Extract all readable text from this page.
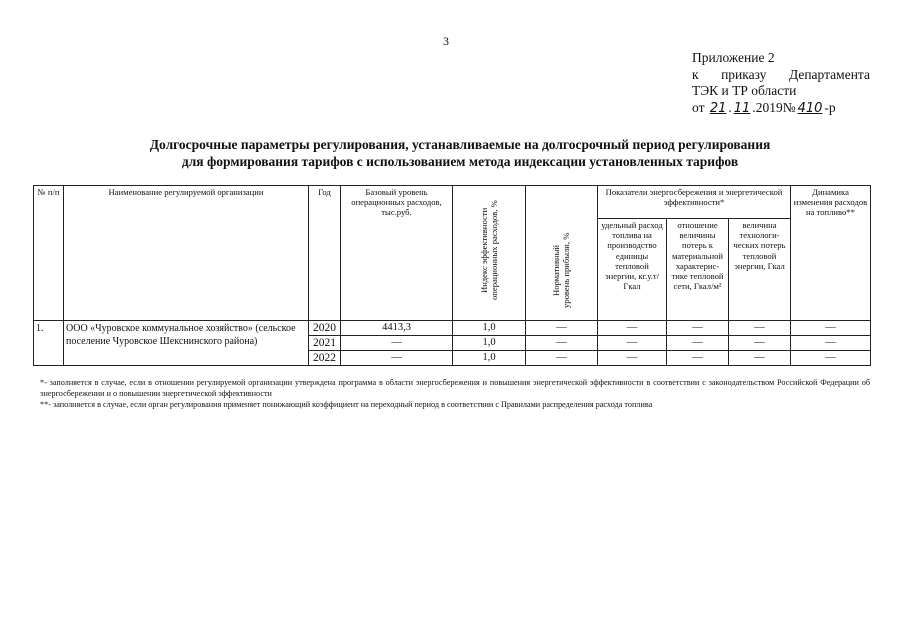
3
Приложение 2
к приказу Департамента
ТЭК и ТР области
от 21 . 11 .2019№ 410 -р
Долгосрочные параметры регулирования, устанавливаемые на долгосрочный период регулирования
для формирования тарифов с использованием метода индексации установленных тарифов
№ п/п	Наименование регулируемой организации	Год	Базовый уровень операционных расходов, тыс.руб.	Индекс эффективности операционных расходов, %	Нормативный уровень прибыли, %	Показатели энергосбережения и энергетической эффективности*			Динамика изменения расходов на топливо**
						удельный расход топлива на производство единицы тепловой энергии, кг.у.т/Гкал	отношение величины потерь к материальной характерис-тике тепловой сети, Гкал/м²	величина технологи-ческих потерь тепловой энергии, Гкал	
1.	ООО «Чуровское коммунальное хозяйство» (сельское поселение Чуровское Шекснинского района)	2020	4413,3	1,0	—	—	—	—	—
		2021	—	1,0	—	—	—	—	—
		2022	—	1,0	—	—	—	—	—

*- заполняется в случае, если в отношении регулируемой организации утверждена программа в области энергосбережения и повышения энергетической эффективности в соответствии с законодательством Российской Федерации об энергосбережении и о повышении энергетической эффективности

**- заполняется в случае, если орган регулирования применяет понижающий коэффициент на переходный период в соответствии с Правилами распределения расхода топлива
